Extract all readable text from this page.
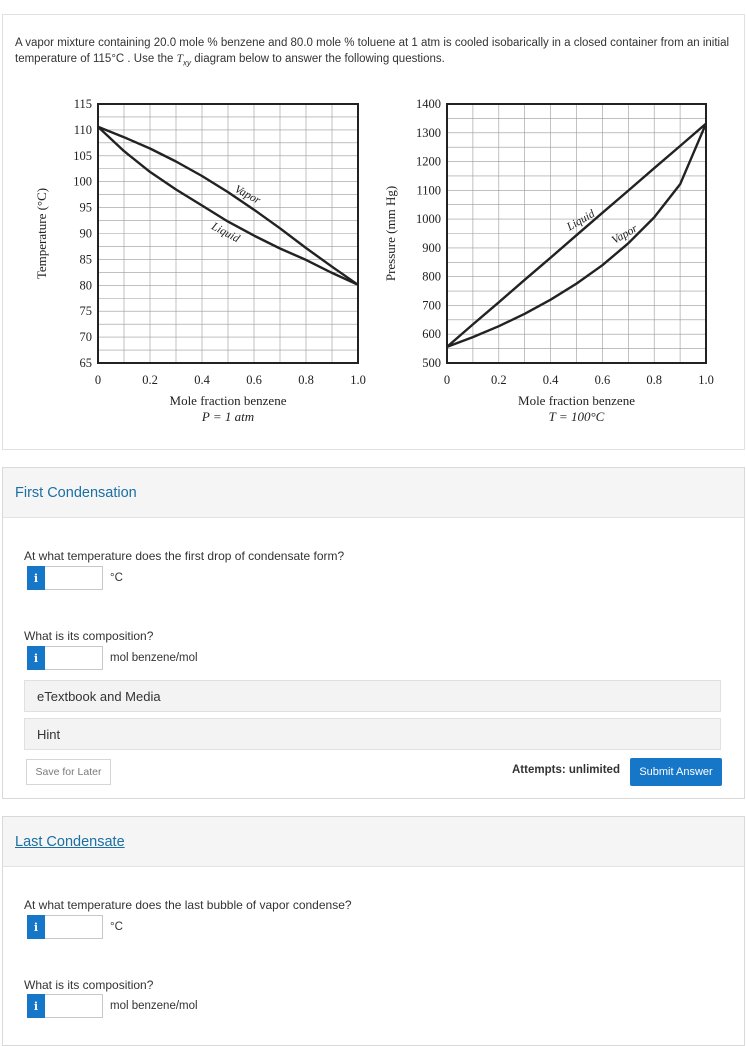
A vapor mixture containing 20.0 mole % benzene and 80.0 mole % toluene at 1 atm is cooled isobarically in a closed container from an initial temperature of 115°C . Use the $T_{xy}$ diagram below to answer the following questions.
65
70
75
80
85
90
95
100
105
110
115
0	0.2	0.4	0.6	0.8	1.0
Mole fraction benzene
P = 1 atm
Temperature (°C)	Vapor
Liquid
500
600
700
800
900
1000
1100
1200
1300
1400
0	0.2	0.4	0.6	0.8	1.0
Mole fraction benzene
T = 100°C
Pressure (mm Hg)	Liquid
Vapor
First Condensation
At what temperature does the first drop of condensate form?
i	°C
What is its composition?
i	mol benzene/mol
eTextbook and Media
Hint
Save for Later	Attempts: unlimited	Submit Answer
Last Condensate
At what temperature does the last bubble of vapor condense?
i	°C
What is its composition?
i	mol benzene/mol
